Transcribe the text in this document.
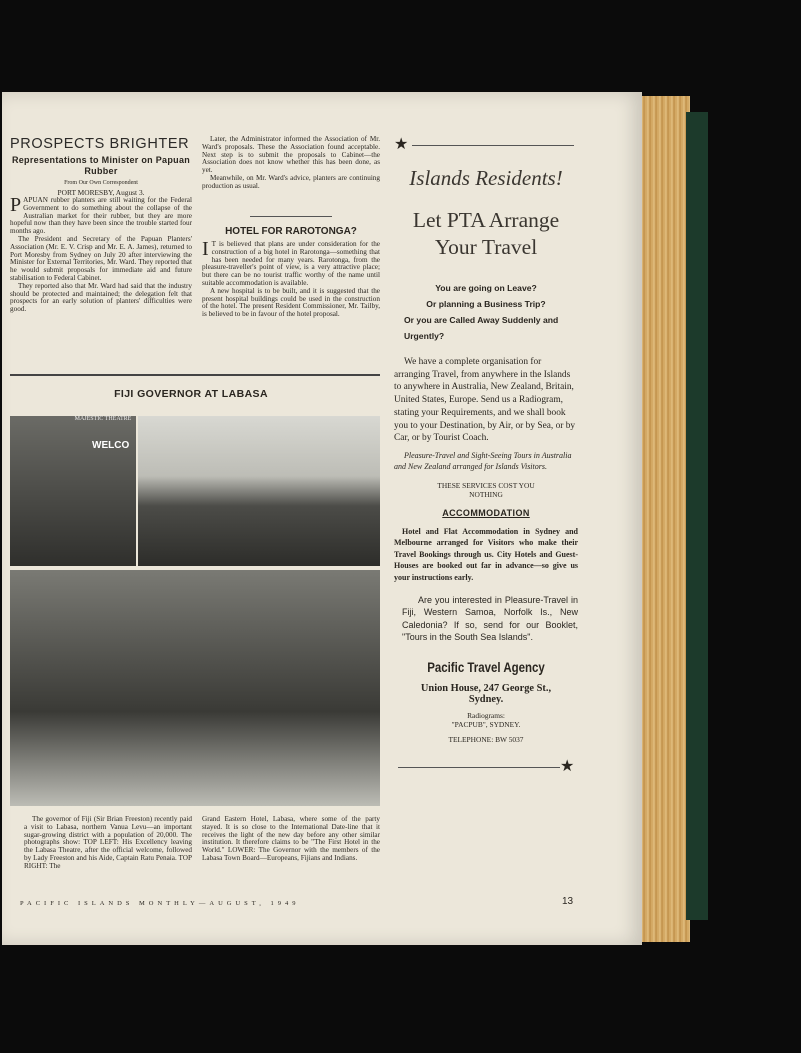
PROSPECTS BRIGHTER
Representations to Minister on Papuan Rubber
From Our Own Correspondent
PORT MORESBY, August 3.

PAPUAN rubber planters are still waiting for the Federal Government to do something about the collapse of the Australian market for their rubber, but they are more hopeful now than they have been since the trouble started four months ago.

The President and Secretary of the Papuan Planters' Association (Mr. E. V. Crisp and Mr. E. A. James), returned to Port Moresby from Sydney on July 20 after interviewing the Minister for External Territories, Mr. Ward. They reported that he would submit proposals for immediate aid and future stabilisation to Federal Cabinet.

They reported also that Mr. Ward had said that the industry should be protected and maintained; the delegation felt that prospects for an early solution of planters' difficulties were good.

Later, the Administrator informed the Association of Mr. Ward's proposals. These the Association found acceptable. Next step is to submit the proposals to Cabinet—the Association does not know whether this has been done, as yet.

Meanwhile, on Mr. Ward's advice, planters are continuing production as usual.

HOTEL FOR RAROTONGA?

I T is believed that plans are under consideration for the construction of a big hotel in Rarotonga—something that has been needed for many years. Rarotonga, from the pleasure-traveller's point of view, is a very attractive place; but there can be no tourist traffic worthy of the name until suitable accommodation is available.

A new hospital is to be built, and it is suggested that the present hospital buildings could be used in the construction of the hotel. The present Resident Commissioner, Mr. Tailby, is believed to be in favour of the hotel proposal.

FIJI GOVERNOR AT LABASA
MAJESTIC THEATRE
WELCO

The governor of Fiji (Sir Brian Freeston) recently paid a visit to Labasa, northern Vanua Levu—an important sugar-growing district with a population of 20,000. The photographs show: TOP LEFT: His Excellency leaving the Labasa Theatre, after the official welcome, followed by Lady Freeston and his Aide, Captain Ratu Penaia. TOP RIGHT: The

Grand Eastern Hotel, Labasa, where some of the party stayed. It is so close to the International Date-line that it receives the light of the new day before any other similar institution. It therefore claims to be "The First Hotel in the World." LOWER: The Governor with the members of the Labasa Town Board—Europeans, Fijians and Indians.

★
Islands Residents!
Let PTA Arrange
Your Travel
You are going on Leave?
Or planning a Business Trip?
Or you are Called Away Suddenly and Urgently?

We have a complete organisation for arranging Travel, from anywhere in the Islands to anywhere in Australia, New Zealand, Britain, United States, Europe. Send us a Radiogram, stating your Requirements, and we shall book you to your Destination, by Air, or by Sea, or by Car, or by Tourist Coach.

Pleasure-Travel and Sight-Seeing Tours in Australia and New Zealand arranged for Islands Visitors.

THESE SERVICES COST YOU NOTHING

ACCOMMODATION

Hotel and Flat Accommodation in Sydney and Melbourne arranged for Visitors who make their Travel Bookings through us. City Hotels and Guest-Houses are booked out far in advance—so give us your instructions early.

Are you interested in Pleasure-Travel in Fiji, Western Samoa, Norfolk Is., New Caledonia? If so, send for our Booklet, "Tours in the South Sea Islands".

Pacific Travel Agency
Union House, 247 George St.,
Sydney.
Radiograms:
"PACPUB", SYDNEY.
TELEPHONE: BW 5037
★
PACIFIC ISLANDS MONTHLY—AUGUST, 1949	13
